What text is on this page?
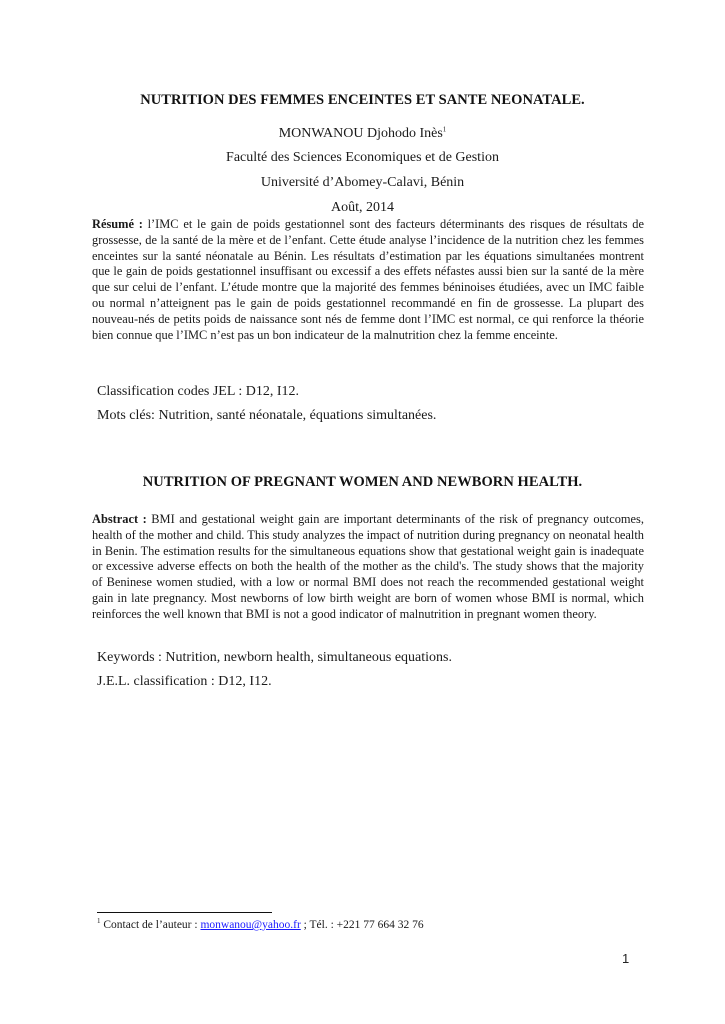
NUTRITION DES FEMMES ENCEINTES ET SANTE NEONATALE.
MONWANOU Djohodo Inès$^1$
Faculté des Sciences Economiques et de Gestion
Université d’Abomey-Calavi, Bénin
Août, 2014

Résumé : l’IMC et le gain de poids gestationnel sont des facteurs déterminants des risques de résultats de grossesse, de la santé de la mère et de l’enfant. Cette étude analyse l’incidence de la nutrition chez les femmes enceintes sur la santé néonatale au Bénin. Les résultats d’estimation par les équations simultanées montrent que le gain de poids gestationnel insuffisant ou excessif a des effets néfastes aussi bien sur la santé de la mère que sur celui de l’enfant. L’étude montre que la majorité des femmes béninoises étudiées, avec un IMC faible ou normal n’atteignent pas le gain de poids gestationnel recommandé en fin de grossesse. La plupart des nouveau-nés de petits poids de naissance sont nés de femme dont l’IMC est normal, ce qui renforce la théorie bien connue que l’IMC n’est pas un bon indicateur de la malnutrition chez la femme enceinte.

Classification codes JEL : D12, I12.
Mots clés: Nutrition, santé néonatale, équations simultanées.
NUTRITION OF PREGNANT WOMEN AND NEWBORN HEALTH.

Abstract : BMI and gestational weight gain are important determinants of the risk of pregnancy outcomes, health of the mother and child. This study analyzes the impact of nutrition during pregnancy on neonatal health in Benin. The estimation results for the simultaneous equations show that gestational weight gain is inadequate or excessive adverse effects on both the health of the mother as the child's. The study shows that the majority of Beninese women studied, with a low or normal BMI does not reach the recommended gestational weight gain in late pregnancy. Most newborns of low birth weight are born of women whose BMI is normal, which reinforces the well known that BMI is not a good indicator of malnutrition in pregnant women theory.

Keywords : Nutrition, newborn health, simultaneous equations.
J.E.L. classification : D12, I12.
$^1$ Contact de l’auteur : monwanou@yahoo.fr ; Tél. : +221 77 664 32 76
1
